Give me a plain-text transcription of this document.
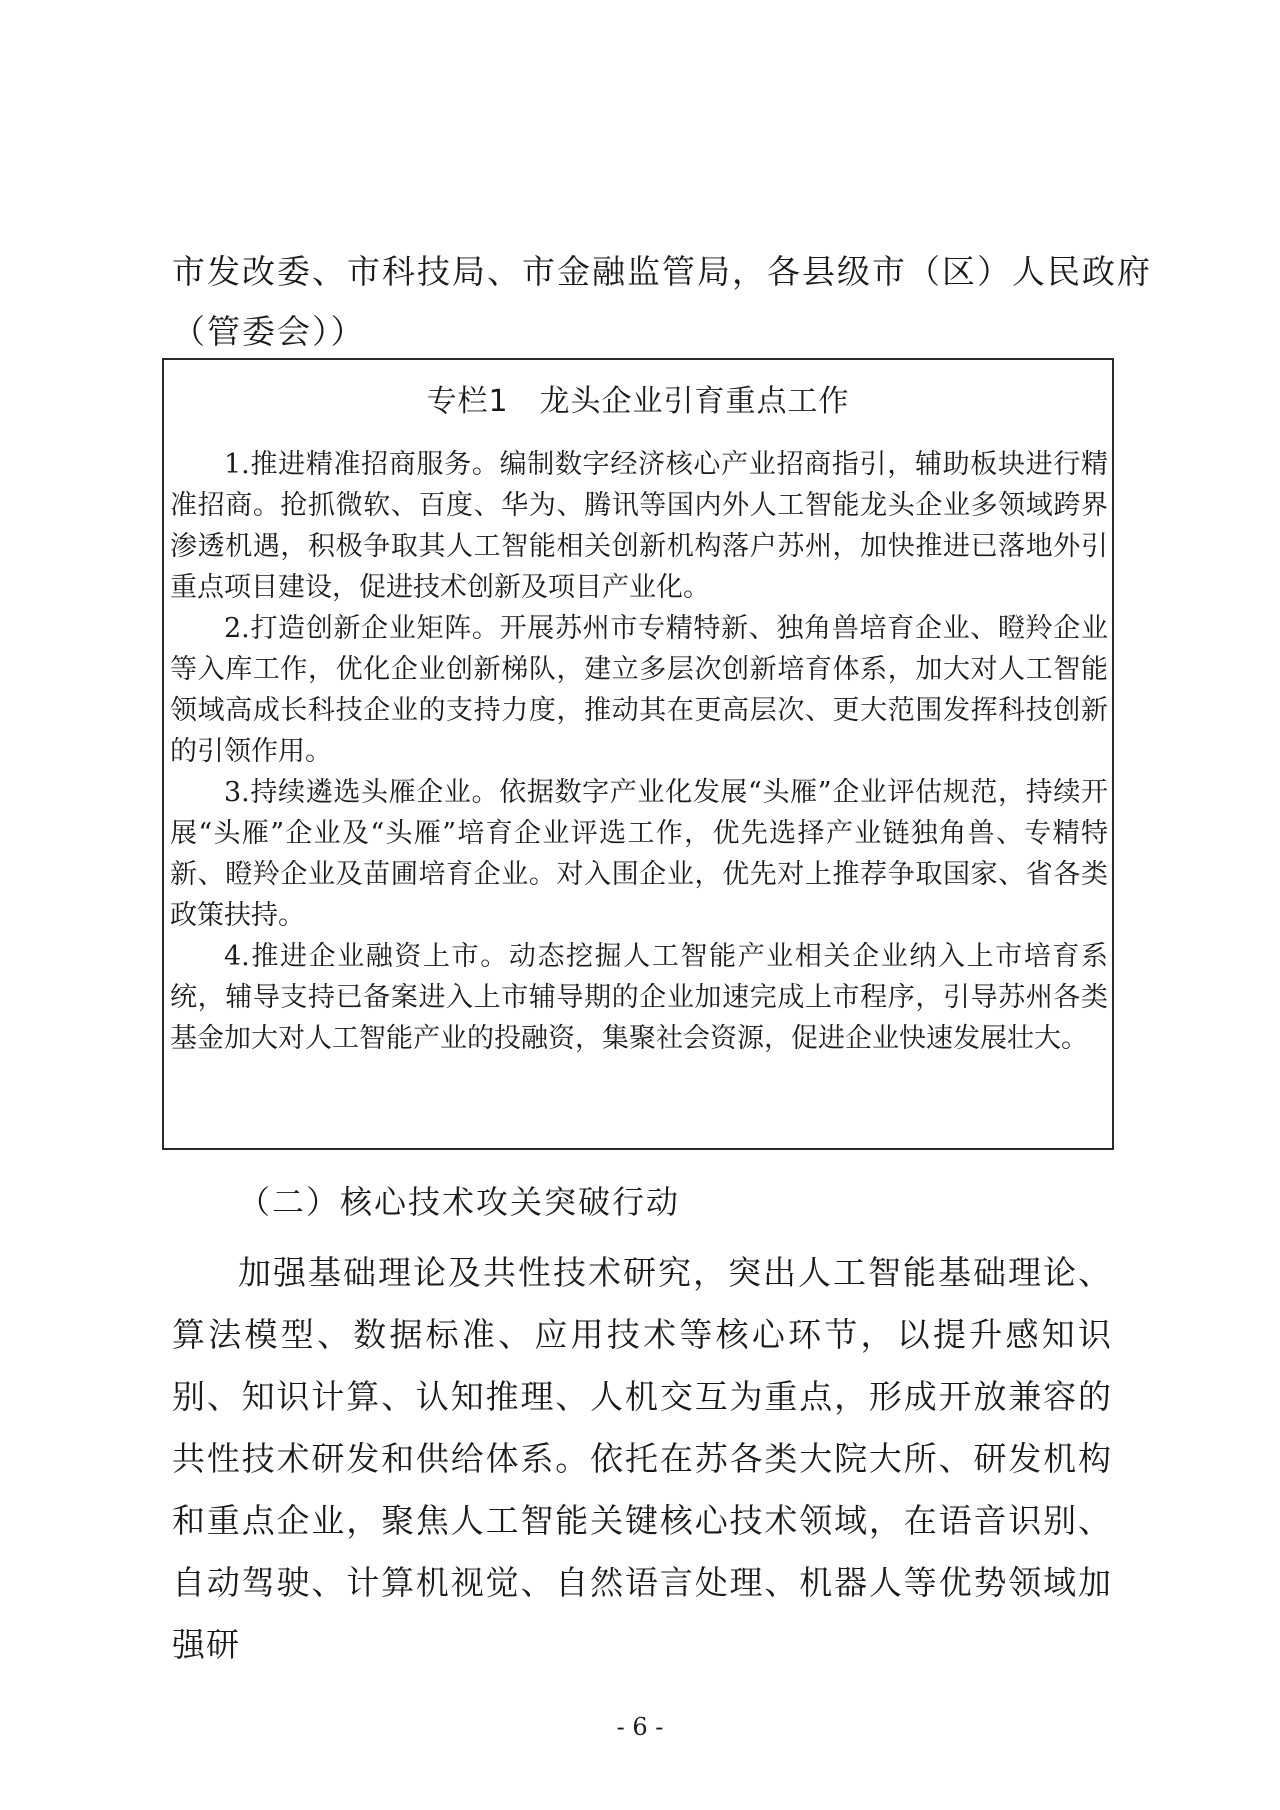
市发改委、市科技局、市金融监管局，各县级市（区）人民政府
（管委会））
专栏1　龙头企业引育重点工作

1.推进精准招商服务。编制数字经济核心产业招商指引，辅助板块进行精准招商。抢抓微软、百度、华为、腾讯等国内外人工智能龙头企业多领域跨界渗透机遇，积极争取其人工智能相关创新机构落户苏州，加快推进已落地外引重点项目建设，促进技术创新及项目产业化。

2.打造创新企业矩阵。开展苏州市专精特新、独角兽培育企业、瞪羚企业等入库工作，优化企业创新梯队，建立多层次创新培育体系，加大对人工智能领域高成长科技企业的支持力度，推动其在更高层次、更大范围发挥科技创新的引领作用。

3.持续遴选头雁企业。依据数字产业化发展“头雁”企业评估规范，持续开展“头雁”企业及“头雁”培育企业评选工作，优先选择产业链独角兽、专精特新、瞪羚企业及苗圃培育企业。对入围企业，优先对上推荐争取国家、省各类政策扶持。

4.推进企业融资上市。动态挖掘人工智能产业相关企业纳入上市培育系统，辅导支持已备案进入上市辅导期的企业加速完成上市程序，引导苏州各类基金加大对人工智能产业的投融资，集聚社会资源，促进企业快速发展壮大。

（二）核心技术攻关突破行动

加强基础理论及共性技术研究，突出人工智能基础理论、算法模型、数据标准、应用技术等核心环节，以提升感知识别、知识计算、认知推理、人机交互为重点，形成开放兼容的共性技术研发和供给体系。依托在苏各类大院大所、研发机构和重点企业，聚焦人工智能关键核心技术领域，在语音识别、自动驾驶、计算机视觉、自然语言处理、机器人等优势领域加强研

- 6 -
